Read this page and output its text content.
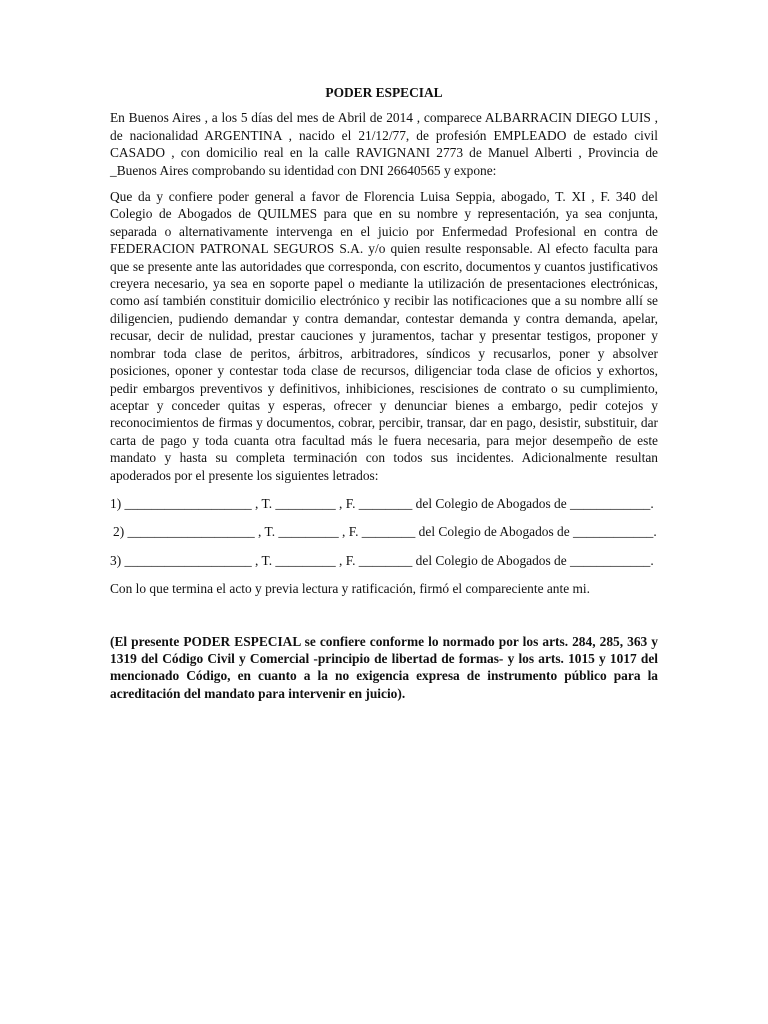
PODER ESPECIAL

En Buenos Aires , a los 5 días del mes de Abril de 2014 , comparece ALBARRACIN DIEGO LUIS , de nacionalidad ARGENTINA , nacido el 21/12/77, de profesión EMPLEADO de estado civil CASADO , con domicilio real en la calle RAVIGNANI 2773 de Manuel Alberti , Provincia de _Buenos Aires comprobando su identidad con DNI 26640565 y expone:

Que da y confiere poder general a favor de Florencia Luisa Seppia, abogado, T. XI , F. 340 del Colegio de Abogados de QUILMES para que en su nombre y representación, ya sea conjunta, separada o alternativamente intervenga en el juicio por Enfermedad Profesional en contra de FEDERACION PATRONAL SEGUROS S.A. y/o quien resulte responsable. Al efecto faculta para que se presente ante las autoridades que corresponda, con escrito, documentos y cuantos justificativos creyera necesario, ya sea en soporte papel o mediante la utilización de presentaciones electrónicas, como así también constituir domicilio electrónico y recibir las notificaciones que a su nombre allí se diligencien, pudiendo demandar y contra demandar, contestar demanda y contra demanda, apelar, recusar, decir de nulidad, prestar cauciones y juramentos, tachar y presentar testigos, proponer y nombrar toda clase de peritos, árbitros, arbitradores, síndicos y recusarlos, poner y absolver posiciones, oponer y contestar toda clase de recursos, diligenciar toda clase de oficios y exhortos, pedir embargos preventivos y definitivos, inhibiciones, rescisiones de contrato o su cumplimiento, aceptar y conceder quitas y esperas, ofrecer y denunciar bienes a embargo, pedir cotejos y reconocimientos de firmas y documentos, cobrar, percibir, transar, dar en pago, desistir, substituir, dar carta de pago y toda cuanta otra facultad más le fuera necesaria, para mejor desempeño de este mandato y hasta su completa terminación con todos sus incidentes. Adicionalmente resultan apoderados por el presente los siguientes letrados:

1) ___________________ , T. _________ , F. ________ del Colegio de Abogados de ____________.

2) ___________________ , T. _________ , F. ________ del Colegio de Abogados de ____________.

3) ___________________ , T. _________ , F. ________ del Colegio de Abogados de ____________.

Con lo que termina el acto y previa lectura y ratificación, firmó el compareciente ante mi.

(El presente PODER ESPECIAL se confiere conforme lo normado por los arts. 284, 285, 363 y 1319 del Código Civil y Comercial -principio de libertad de formas- y los arts. 1015 y 1017 del mencionado Código, en cuanto a la no exigencia expresa de instrumento público para la acreditación del mandato para intervenir en juicio).
